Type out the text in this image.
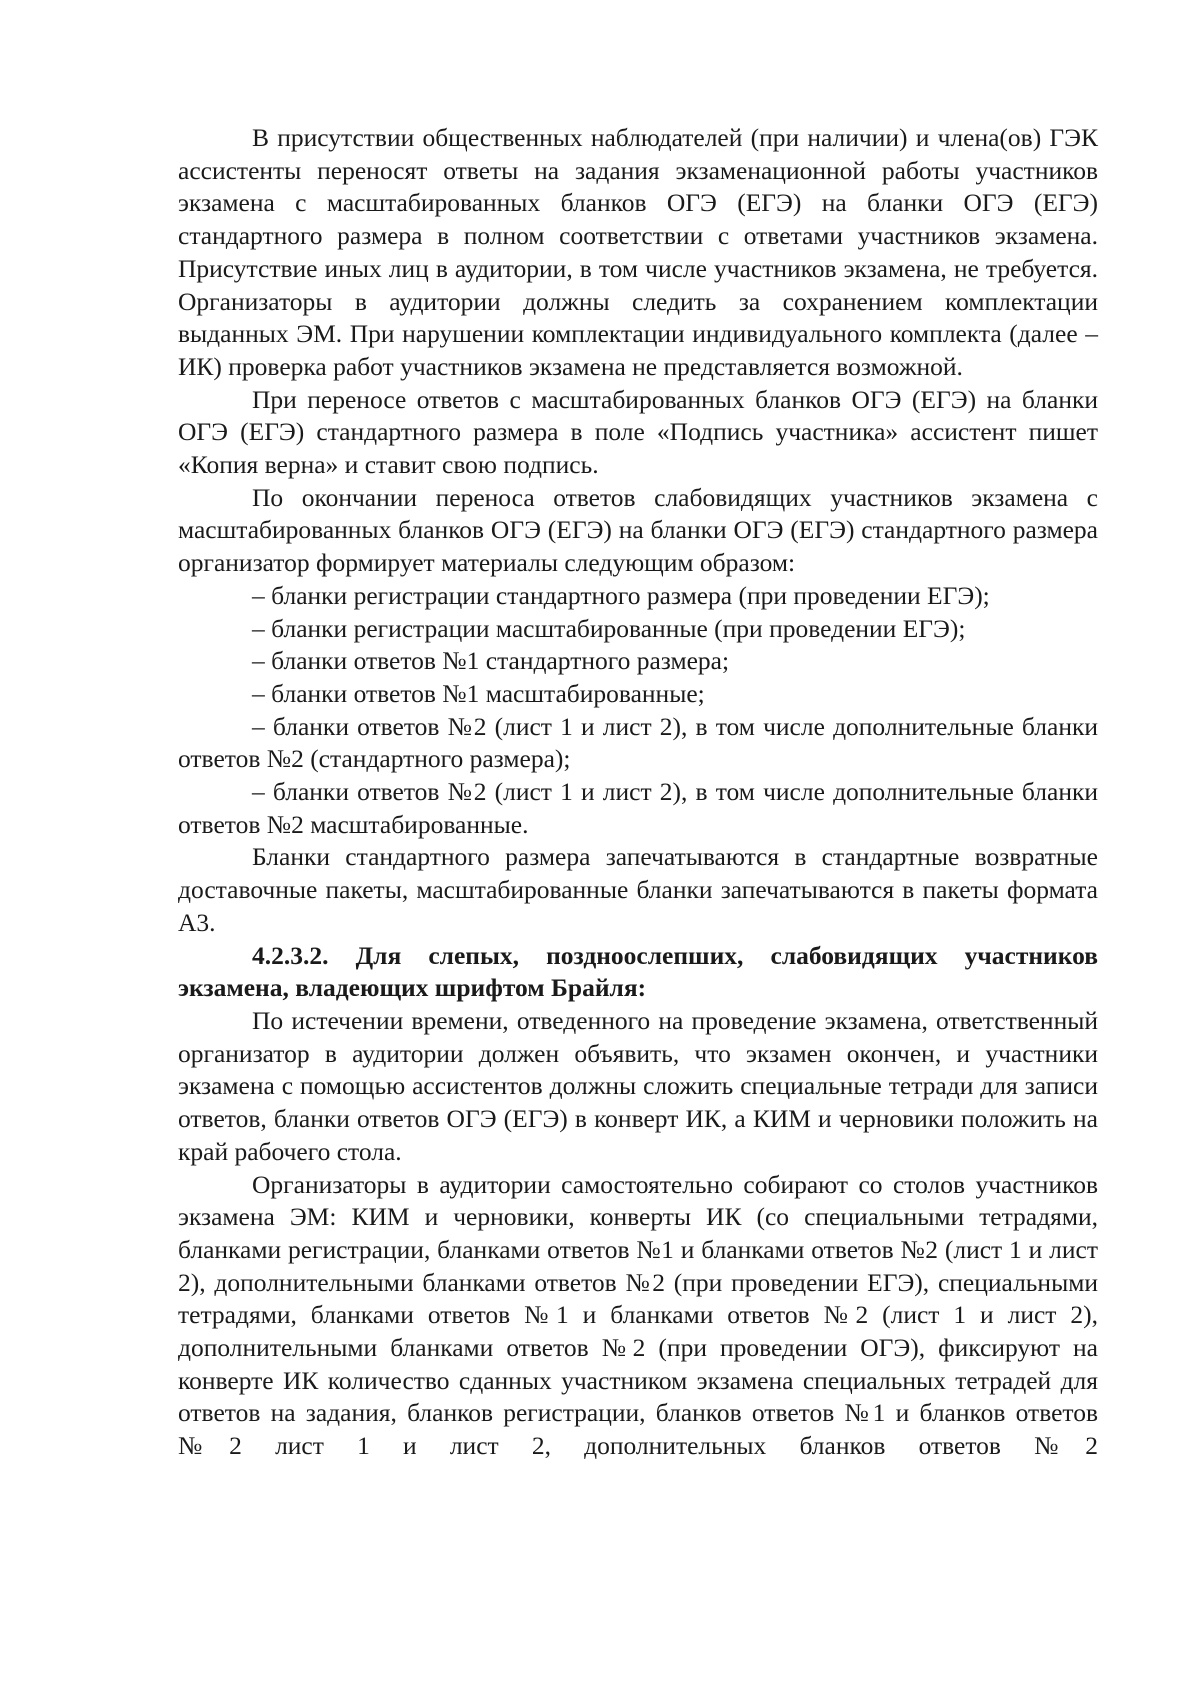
В присутствии общественных наблюдателей (при наличии) и члена(ов) ГЭК ассистенты переносят ответы на задания экзаменационной работы участников экзамена с масштабированных бланков ОГЭ (ЕГЭ) на бланки ОГЭ (ЕГЭ) стандартного размера в полном соответствии с ответами участников экзамена. Присутствие иных лиц в аудитории, в том числе участников экзамена, не требуется. Организаторы в аудитории должны следить за сохранением комплектации выданных ЭМ. При нарушении комплектации индивидуального комплекта (далее – ИК) проверка работ участников экзамена не представляется возможной.

При переносе ответов с масштабированных бланков ОГЭ (ЕГЭ) на бланки ОГЭ (ЕГЭ) стандартного размера в поле «Подпись участника» ассистент пишет «Копия верна» и ставит свою подпись.

По окончании переноса ответов слабовидящих участников экзамена с масштабированных бланков ОГЭ (ЕГЭ) на бланки ОГЭ (ЕГЭ) стандартного размера организатор формирует материалы следующим образом:

– бланки регистрации стандартного размера (при проведении ЕГЭ);

– бланки регистрации масштабированные (при проведении ЕГЭ);

– бланки ответов №1 стандартного размера;

– бланки ответов №1 масштабированные;

– бланки ответов №2 (лист 1 и лист 2), в том числе дополнительные бланки ответов №2 (стандартного размера);

– бланки ответов №2 (лист 1 и лист 2), в том числе дополнительные бланки ответов №2 масштабированные.

Бланки стандартного размера запечатываются в стандартные возвратные доставочные пакеты, масштабированные бланки запечатываются в пакеты формата А3.

4.2.3.2. Для слепых, поздноослепших, слабовидящих участников экзамена, владеющих шрифтом Брайля:

По истечении времени, отведенного на проведение экзамена, ответственный организатор в аудитории должен объявить, что экзамен окончен, и участники экзамена с помощью ассистентов должны сложить специальные тетради для записи ответов, бланки ответов ОГЭ (ЕГЭ) в конверт ИК, а КИМ и черновики положить на край рабочего стола.

Организаторы в аудитории самостоятельно собирают со столов участников экзамена ЭМ: КИМ и черновики, конверты ИК (со специальными тетрадями, бланками регистрации, бланками ответов №1 и бланками ответов №2 (лист 1 и лист 2), дополнительными бланками ответов №2 (при проведении ЕГЭ), специальными тетрадями, бланками ответов №1 и бланками ответов №2 (лист 1 и лист 2), дополнительными бланками ответов №2 (при проведении ОГЭ), фиксируют на конверте ИК количество сданных участником экзамена специальных тетрадей для ответов на задания, бланков регистрации, бланков ответов №1 и бланков ответов №2 лист 1 и лист 2, дополнительных бланков ответов №2
